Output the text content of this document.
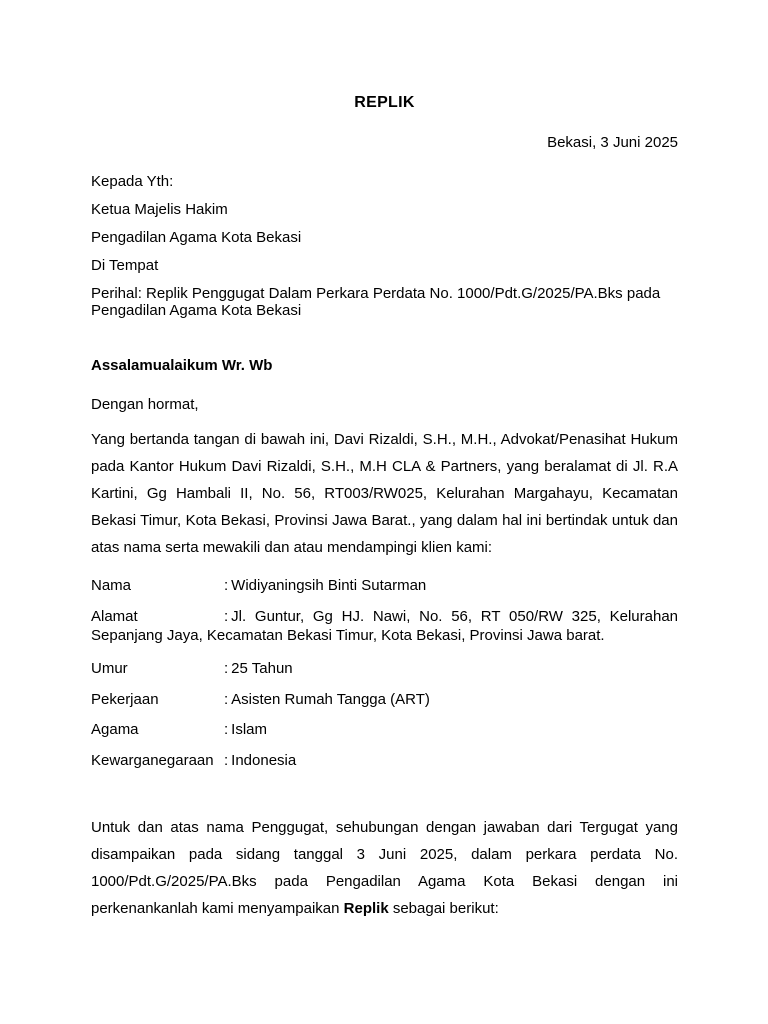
REPLIK
Bekasi, 3 Juni 2025
Kepada Yth:
Ketua Majelis Hakim
Pengadilan Agama Kota Bekasi
Di Tempat
Perihal: Replik Penggugat Dalam Perkara Perdata No. 1000/Pdt.G/2025/PA.Bks pada Pengadilan Agama Kota Bekasi
Assalamualaikum Wr. Wb
Dengan hormat,
Yang bertanda tangan di bawah ini, Davi Rizaldi, S.H., M.H., Advokat/Penasihat Hukum pada Kantor Hukum Davi Rizaldi, S.H., M.H CLA & Partners, yang beralamat di Jl. R.A Kartini, Gg Hambali II, No. 56, RT003/RW025, Kelurahan Margahayu, Kecamatan Bekasi Timur, Kota Bekasi, Provinsi Jawa Barat., yang dalam hal ini bertindak untuk dan atas nama serta mewakili dan atau mendampingi klien kami:
Nama	: Widiyaningsih Binti Sutarman
Alamat	: Jl. Guntur, Gg HJ. Nawi, No. 56, RT 050/RW 325, Kelurahan Sepanjang Jaya, Kecamatan Bekasi Timur, Kota Bekasi, Provinsi Jawa barat.
Umur	: 25 Tahun
Pekerjaan	: Asisten Rumah Tangga (ART)
Agama	: Islam
Kewarganegaraan : Indonesia
Untuk dan atas nama Penggugat, sehubungan dengan jawaban dari Tergugat yang disampaikan pada sidang tanggal 3 Juni 2025, dalam perkara perdata No. 1000/Pdt.G/2025/PA.Bks pada Pengadilan Agama Kota Bekasi dengan ini perkenankanlah kami menyampaikan Replik sebagai berikut:
